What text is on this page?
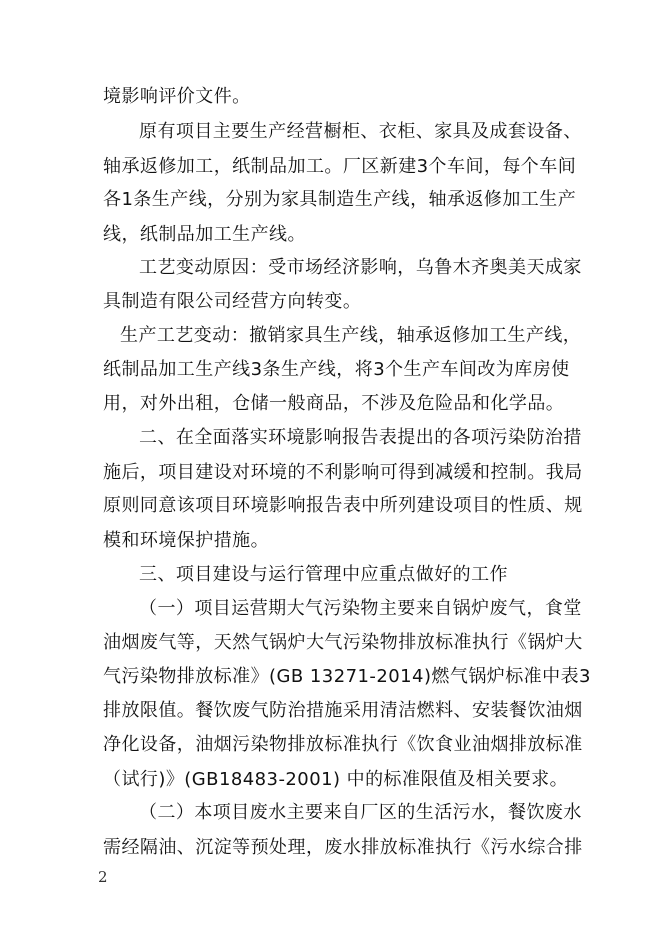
境影响评价文件。
原有项目主要生产经营橱柜、衣柜、家具及成套设备、
轴承返修加工，纸制品加工。厂区新建3个车间，每个车间
各1条生产线，分别为家具制造生产线，轴承返修加工生产
线，纸制品加工生产线。
工艺变动原因：受市场经济影响，乌鲁木齐奥美天成家
具制造有限公司经营方向转变。
生产工艺变动：撤销家具生产线，轴承返修加工生产线，
纸制品加工生产线3条生产线，将3个生产车间改为库房使
用，对外出租，仓储一般商品，不涉及危险品和化学品。
二、在全面落实环境影响报告表提出的各项污染防治措
施后，项目建设对环境的不利影响可得到减缓和控制。我局
原则同意该项目环境影响报告表中所列建设项目的性质、规
模和环境保护措施。
三、项目建设与运行管理中应重点做好的工作
（一）项目运营期大气污染物主要来自锅炉废气，食堂
油烟废气等，天然气锅炉大气污染物排放标准执行《锅炉大
气污染物排放标准》(GB 13271-2014)燃气锅炉标准中表3
排放限值。餐饮废气防治措施采用清洁燃料、安装餐饮油烟
净化设备，油烟污染物排放标准执行《饮食业油烟排放标准
（试行)》(GB18483-2001) 中的标准限值及相关要求。
（二）本项目废水主要来自厂区的生活污水，餐饮废水
需经隔油、沉淀等预处理，废水排放标准执行《污水综合排
2
